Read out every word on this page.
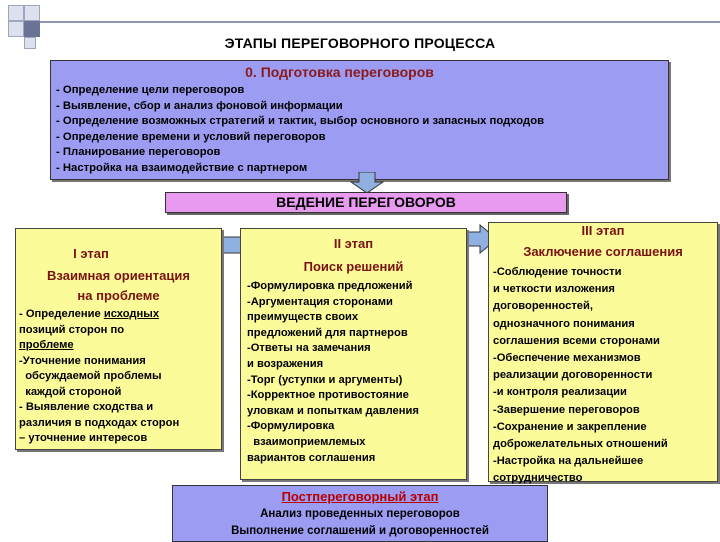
ЭТАПЫ ПЕРЕГОВОРНОГО ПРОЦЕССА
0. Подготовка переговоров
- Определение цели переговоров
- Выявление, сбор и анализ фоновой информации
- Определение возможных стратегий и тактик, выбор основного и запасных подходов
- Определение времени и условий переговоров
- Планирование переговоров
- Настройка на взаимодействие с партнером
ВЕДЕНИЕ ПЕРЕГОВОРОВ
I этап
Взаимная ориентация
на проблеме
- Определение исходных
позиций сторон по
проблеме
-Уточнение понимания
обсуждаемой проблемы
каждой стороной
- Выявление сходства и
различия в подходах сторон
– уточнение интересов
II этап
Поиск решений
-Формулировка предложений
-Аргументация сторонами
преимуществ своих
предложений для партнеров
-Ответы на замечания
и возражения
-Торг (уступки и аргументы)
-Корректное противостояние
уловкам и попыткам давления
-Формулировка
взаимоприемлемых
вариантов соглашения
III этап
Заключение соглашения
-Соблюдение точности
и четкости изложения
договоренностей,
однозначного понимания
соглашения всеми сторонами
-Обеспечение механизмов
реализации договоренности
-и контроля реализации
-Завершение переговоров
-Сохранение и закрепление
доброжелательных отношений
-Настройка на дальнейшее
сотрудничество
Постпереговорный этап
Анализ проведенных переговоров
Выполнение соглашений и договоренностей
